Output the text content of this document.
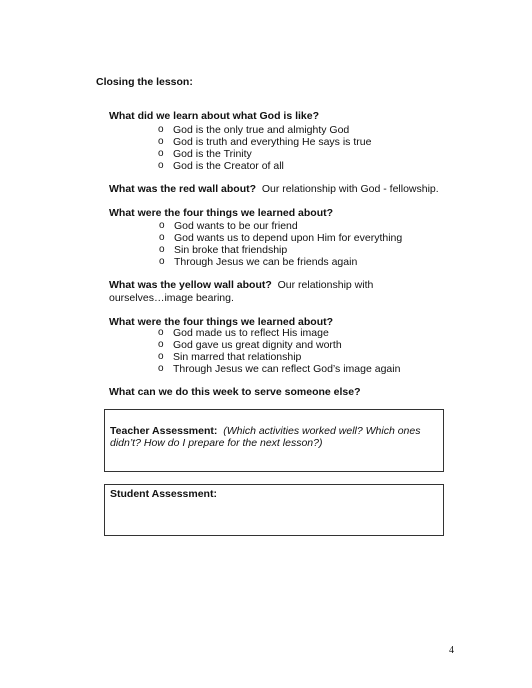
Closing the lesson:
What did we learn about what God is like?
o God is the only true and almighty God
o God is truth and everything He says is true
o God is the Trinity
o God is the Creator of all
What was the red wall about? Our relationship with God - fellowship.
What were the four things we learned about?
o God wants to be our friend
o God wants us to depend upon Him for everything
o Sin broke that friendship
o Through Jesus we can be friends again
What was the yellow wall about? Our relationship with
ourselves…image bearing.
What were the four things we learned about?
o God made us to reflect His image
o God gave us great dignity and worth
o Sin marred that relationship
o Through Jesus we can reflect God’s image again
What can we do this week to serve someone else?
Teacher Assessment: (Which activities worked well? Which ones
didn’t? How do I prepare for the next lesson?)
Student Assessment:
4
